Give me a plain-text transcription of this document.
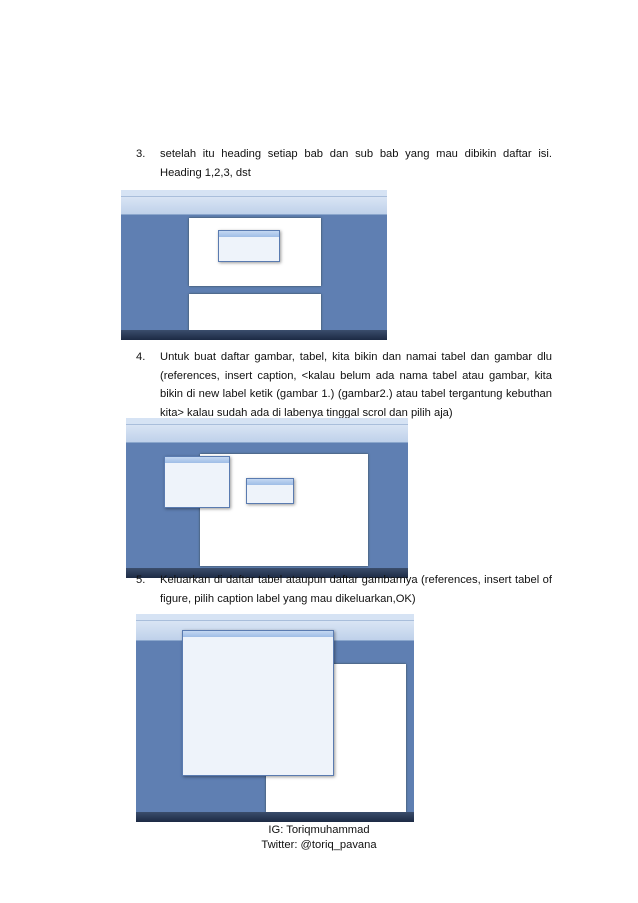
3. setelah itu heading setiap bab dan sub bab yang mau dibikin daftar isi. Heading 1,2,3, dst
4. Untuk buat daftar gambar, tabel, kita bikin dan namai tabel dan gambar dlu (references, insert caption, <kalau belum ada nama tabel atau gambar, kita bikin di new label ketik (gambar 1.) (gambar2.) atau tabel tergantung kebuthan kita> kalau sudah ada di labenya tinggal scrol dan pilih aja)
5. Keluarkan di daftar tabel ataupun daftar gambarnya (references, insert tabel of figure, pilih caption label yang mau dikeluarkan,OK)
IG: Toriqmuhammad
Twitter: @toriq_pavana
